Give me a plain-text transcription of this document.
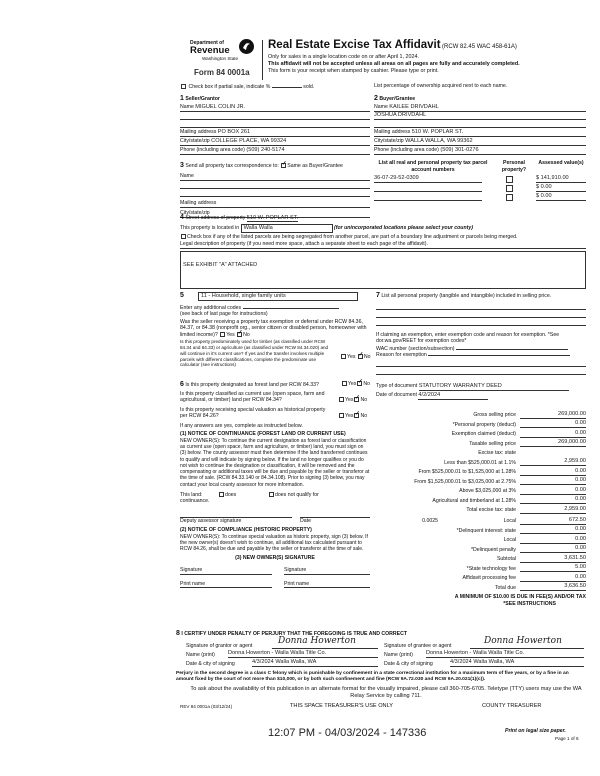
Department of
Revenue
Washington State
Form 84 0001a
Real Estate Excise Tax Affidavit (RCW 82.45 WAC 458-61A)
Only for sales in a single location code on or after April 1, 2024.
This affidavit will not be accepted unless all areas on all pages are fully and accurately completed.
This form is your receipt when stamped by cashier. Please type or print.
Check box if partial sale, indicate %	sold.	List percentage of ownership acquired next to each name.
1 Seller/Grantor
Name MIGUEL COLIN JR.
Mailing address PO BOX 261
City/state/zip COLLEGE PLACE, WA 99324
Phone (including area code) (509) 240-5174
2 Buyer/Grantee
Name KAILEE DRIVDAHL
JOSHUA DRIVDAHL
Mailing address 510 W. POPLAR ST.
City/state/zip WALLA WALLA, WA 99362
Phone (including area code) (509) 301-0276
3 Send all property tax correspondence to: ✓ Same as Buyer/Grantee
Name
Mailing address
City/state/zip
List all real and personal property tax parcel account numbers
Personal property?
Assessed value(s)
36-07-29-52-0309	$ 141,910.00
$ 0.00
$ 0.00
4 Street address of property 510 W. POPLAR ST.
This property is located in Walla Walla	(for unincorporated locations please select your county)
Check box if any of the listed parcels are being segregated from another parcel, are part of a boundary line adjustment or parcels being merged.
Legal description of property (if you need more space, attach a separate sheet to each page of the affidavit).
SEE EXHIBIT "A" ATTACHED
5	11 - Household, single family units
Enter any additional codes
(see back of last page for instructions)
Was the seller receiving a property tax exemption or deferral under RCW 84.36, 84.37, or 84.38 (nonprofit org., senior citizen or disabled person, homeowner with limited income)? Yes ✓ No
Is this property predominately used for timber (as classified under RCW 84.34 and 84.33) or agriculture (as classified under RCW 84.34.020) and will continue in it's current use? If yes and the transfer involves multiple parcels with different classifications, complete the predominate use calculator (see instructions)
Yes ✓ No
6 Is this property designated as forest land per RCW 84.33?	Yes ✓ No
Is this property classified as current use (open space, farm and agricultural, or timber) land per RCW 84.34?	Yes ✓ No
Is this property receiving special valuation as historical property per RCW 84.26?	Yes ✓ No
If any answers are yes, complete as instructed below.
(1) NOTICE OF CONTINUANCE (FOREST LAND OR CURRENT USE)
NEW OWNER(S): To continue the current designation as forest land or classification as current use (open space, farm and agriculture, or timber) land, you must sign on (3) below. The county assessor must then determine if the land transferred continues to qualify and will indicate by signing below. If the land no longer qualifies or you do not wish to continue the designation or classification, it will be removed and the compensating or additional taxes will be due and payable by the seller or transferor at the time of sale. (RCW 84.33.140 or 84.34.108). Prior to signing (3) below, you may contact your local county assessor for more information.
This land:	does	does not qualify for
continuance.
Deputy assessor signature	Date
(2) NOTICE OF COMPLIANCE (HISTORIC PROPERTY)
NEW OWNER(S): To continue special valuation as historic property, sign (3) below. If the new owner(s) doesn't wish to continue, all additional tax calculated pursuant to RCW 84.26, shall be due and payable by the seller or transferor at the time of sale.
(3) NEW OWNER(S) SIGNATURE
Signature	Signature
Print name	Print name
7 List all personal property (tangible and intangible) included in selling price.
If claiming an exemption, enter exemption code and reason for exemption. *See dor.wa.gov/REET for exemption codes*
WAC number (section/subsection)
Reason for exemption
Type of document STATUTORY WARRANTY DEED
Date of document 4/2/2024
Gross selling price	269,000.00
*Personal property (deduct)	0.00
Exemption claimed (deduct)	0.00
Taxable selling price	269,000.00
Excise tax: state
Less than $525,000.01 at 1.1%	2,959.00
From $525,000.01 to $1,525,000 at 1.28%	0.00
From $1,525,000.01 to $3,025,000 at 2.75%	0.00
Above $3,025,000 at 3%	0.00
Agricultural and timberland at 1.28%	0.00
Total excise tax: state	2,959.00
0.0025	Local	672.50
*Delinquent interest: state	0.00
Local	0.00
*Delinquent penalty	0.00
Subtotal	3,631.50
*State technology fee	5.00
Affidavit processing fee	0.00
Total due	3,636.50
A MINIMUM OF $10.00 IS DUE IN FEE(S) AND/OR TAX
*SEE INSTRUCTIONS
8 I CERTIFY UNDER PENALTY OF PERJURY THAT THE FOREGOING IS TRUE AND CORRECT
Signature of grantor or agent	Donna Howerton
Name (print)	Donna Howerton - Walla Walla Title Co.
Date & city of signing	4/3/2024 Walla Walla, WA
Signature of grantee or agent	Donna Howerton
Name (print)	Donna Howerton - Walla Walla Title Co.
Date & city of signing	4/3/2024 Walla Walla, WA
Perjury in the second degree is a class C felony which is punishable by confinement in a state correctional institution for a maximum term of five years, or by a fine in an amount fixed by the court of not more than $10,000, or by both such confinement and fine (RCW 9A.72.030 and RCW 9A.20.021(1)(c)).
To ask about the availability of this publication in an alternate format for the visually impaired, please call 360-705-6705. Teletype (TTY) users may use the WA Relay Service by calling 711.
REV 84 0001a (03/12/24)	THIS SPACE TREASURER'S USE ONLY	COUNTY TREASURER
12:07 PM - 04/03/2024 - 147336	Print on legal size paper.
Page 1 of 6
